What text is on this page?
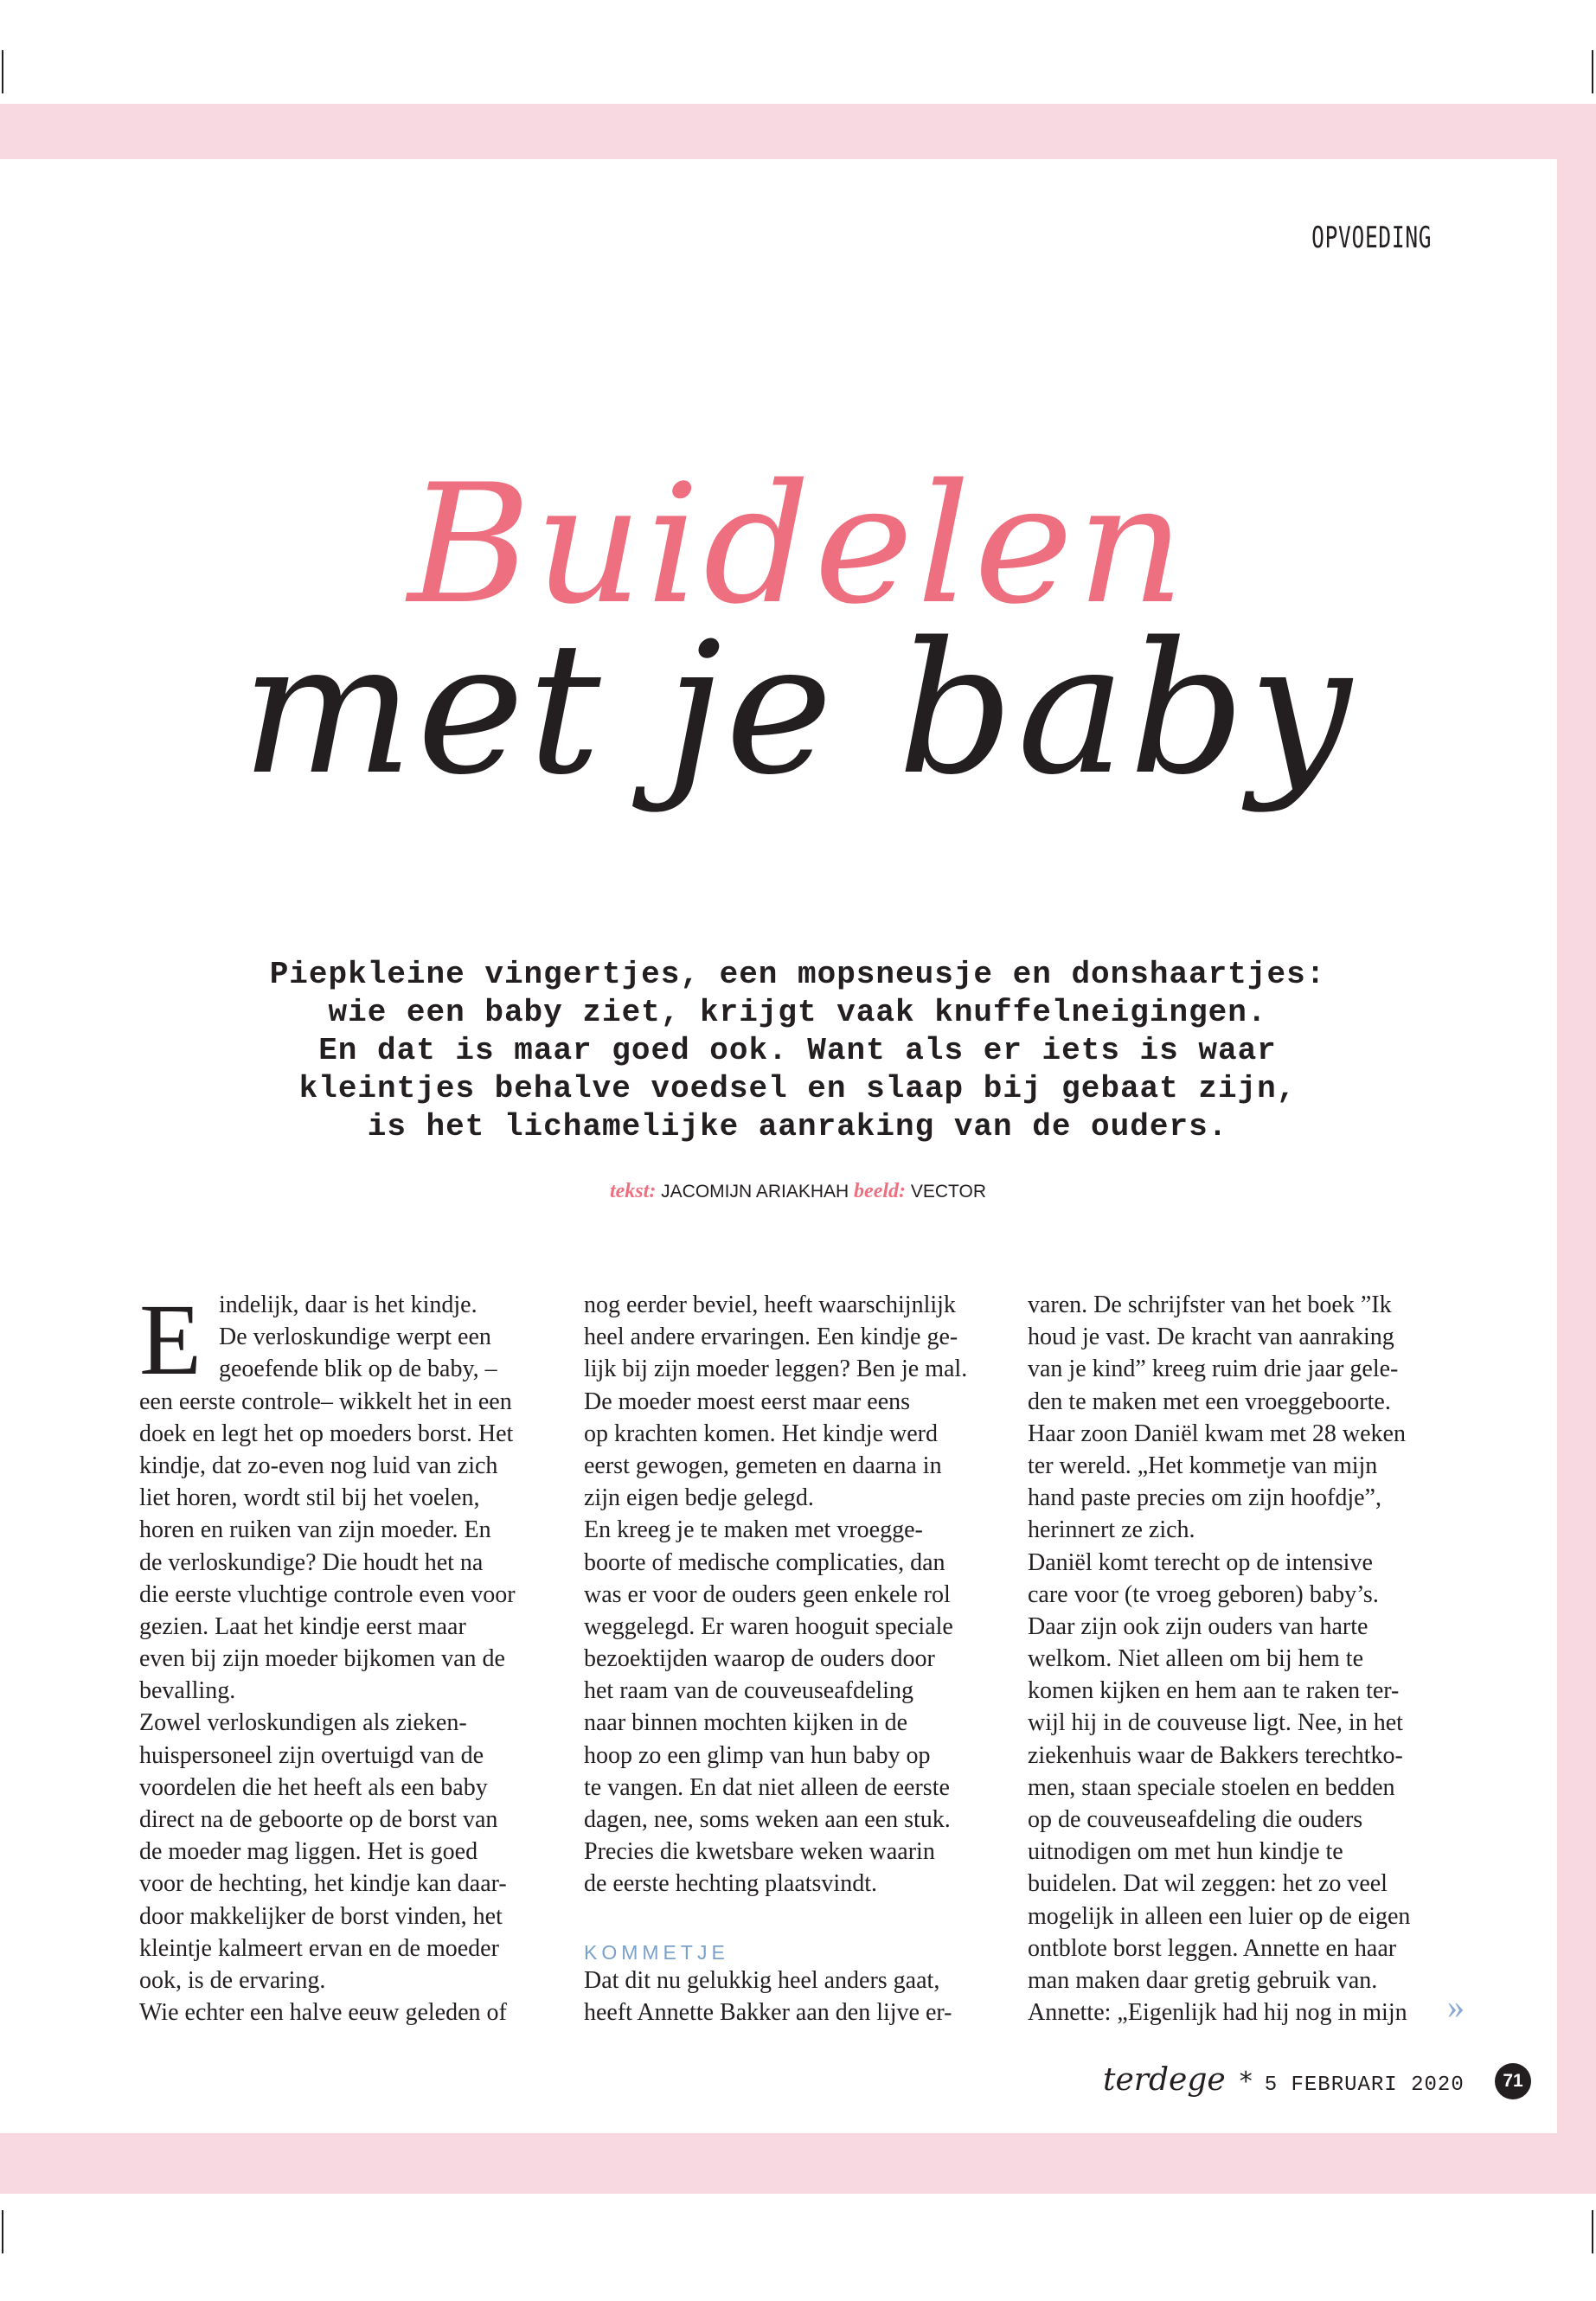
OPVOEDING
Buidelen
met je baby
Piepkleine vingertjes, een mopsneusje en donshaartjes:
wie een baby ziet, krijgt vaak knuffelneigingen.
En dat is maar goed ook. Want als er iets is waar
kleintjes behalve voedsel en slaap bij gebaat zijn,
is het lichamelijke aanraking van de ouders.
tekst: JACOMIJN ARIAKHAH beeld: VECTOR
E indelijk, daar is het kindje.
De verloskundige werpt een
geoefende blik op de baby, –
een eerste controle– wikkelt het in een
doek en legt het op moeders borst. Het
kindje, dat zo-even nog luid van zich
liet horen, wordt stil bij het voelen,
horen en ruiken van zijn moeder. En
de verloskundige? Die houdt het na
die eerste vluchtige controle even voor
gezien. Laat het kindje eerst maar
even bij zijn moeder bijkomen van de
bevalling.
Zowel verloskundigen als zieken-
huispersoneel zijn overtuigd van de
voordelen die het heeft als een baby
direct na de geboorte op de borst van
de moeder mag liggen. Het is goed
voor de hechting, het kindje kan daar-
door makkelijker de borst vinden, het
kleintje kalmeert ervan en de moeder
ook, is de ervaring.
Wie echter een halve eeuw geleden of
nog eerder beviel, heeft waarschijnlijk
heel andere ervaringen. Een kindje ge-
lijk bij zijn moeder leggen? Ben je mal.
De moeder moest eerst maar eens
op krachten komen. Het kindje werd
eerst gewogen, gemeten en daarna in
zijn eigen bedje gelegd.
En kreeg je te maken met vroegge-
boorte of medische complicaties, dan
was er voor de ouders geen enkele rol
weggelegd. Er waren hooguit speciale
bezoektijden waarop de ouders door
het raam van de couveuseafdeling
naar binnen mochten kijken in de
hoop zo een glimp van hun baby op
te vangen. En dat niet alleen de eerste
dagen, nee, soms weken aan een stuk.
Precies die kwetsbare weken waarin
de eerste hechting plaatsvindt.
KOMMETJE
Dat dit nu gelukkig heel anders gaat,
heeft Annette Bakker aan den lijve er-
varen. De schrijfster van het boek ”Ik
houd je vast. De kracht van aanraking
van je kind” kreeg ruim drie jaar gele-
den te maken met een vroeggeboorte.
Haar zoon Daniël kwam met 28 weken
ter wereld. „Het kommetje van mijn
hand paste precies om zijn hoofdje”,
herinnert ze zich.
Daniël komt terecht op de intensive
care voor (te vroeg geboren) baby’s.
Daar zijn ook zijn ouders van harte
welkom. Niet alleen om bij hem te
komen kijken en hem aan te raken ter-
wijl hij in de couveuse ligt. Nee, in het
ziekenhuis waar de Bakkers terechtko-
men, staan speciale stoelen en bedden
op de couveuseafdeling die ouders
uitnodigen om met hun kindje te
buidelen. Dat wil zeggen: het zo veel
mogelijk in alleen een luier op de eigen
ontblote borst leggen. Annette en haar
man maken daar gretig gebruik van.
Annette: „Eigenlijk had hij nog in mijn	»
terdege * 5 FEBRUARI 2020	71
